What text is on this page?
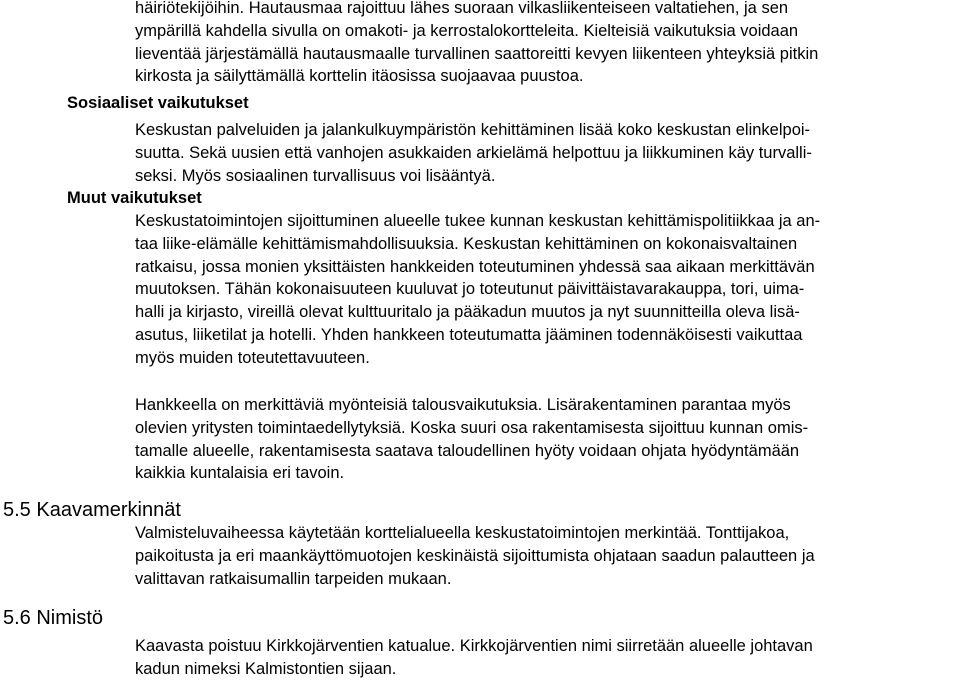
häiriötekijöihin. Hautausmaa rajoittuu lähes suoraan vilkasliikenteiseen valtatiehen, ja sen
ympärillä kahdella sivulla on omakoti- ja kerrostalokortteleita. Kielteisiä vaikutuksia voidaan
lieventää järjestämällä hautausmaalle turvallinen saattoreitti kevyen liikenteen yhteyksiä pitkin
kirkosta ja säilyttämällä korttelin itäosissa suojaavaa puustoa.
Sosiaaliset vaikutukset
Keskustan palveluiden ja jalankulkuympäristön kehittäminen lisää koko keskustan elinkelpoi-
suutta. Sekä uusien että vanhojen asukkaiden arkielämä helpottuu ja liikkuminen käy turvalli-
seksi. Myös sosiaalinen turvallisuus voi lisääntyä.
Muut vaikutukset
Keskustatoimintojen sijoittuminen alueelle tukee kunnan keskustan kehittämispolitiikkaa ja an-
taa liike-elämälle kehittämismahdollisuuksia. Keskustan kehittäminen on kokonaisvaltainen
ratkaisu, jossa monien yksittäisten hankkeiden toteutuminen yhdessä saa aikaan merkittävän
muutoksen. Tähän kokonaisuuteen kuuluvat jo toteutunut päivittäistavarakauppa, tori, uima-
halli ja kirjasto, vireillä olevat kulttuuritalo ja pääkadun muutos ja nyt suunnitteilla oleva lisä-
asutus, liiketilat ja hotelli. Yhden hankkeen toteutumatta jääminen todennäköisesti vaikuttaa
myös muiden toteutettavuuteen.
Hankkeella on merkittäviä myönteisiä talousvaikutuksia. Lisärakentaminen parantaa myös
olevien yritysten toimintaedellytyksiä. Koska suuri osa rakentamisesta sijoittuu kunnan omis-
tamalle alueelle, rakentamisesta saatava taloudellinen hyöty voidaan ohjata hyödyntämään
kaikkia kuntalaisia eri tavoin.
5.5 Kaavamerkinnät
Valmisteluvaiheessa käytetään korttelialueella keskustatoimintojen merkintää. Tonttijakoa,
paikoitusta ja eri maankäyttömuotojen keskinäistä sijoittumista ohjataan saadun palautteen ja
valittavan ratkaisumallin tarpeiden mukaan.
5.6 Nimistö
Kaavasta poistuu Kirkkojärventien katualue. Kirkkojärventien nimi siirretään alueelle johtavan
kadun nimeksi Kalmistontien sijaan.
